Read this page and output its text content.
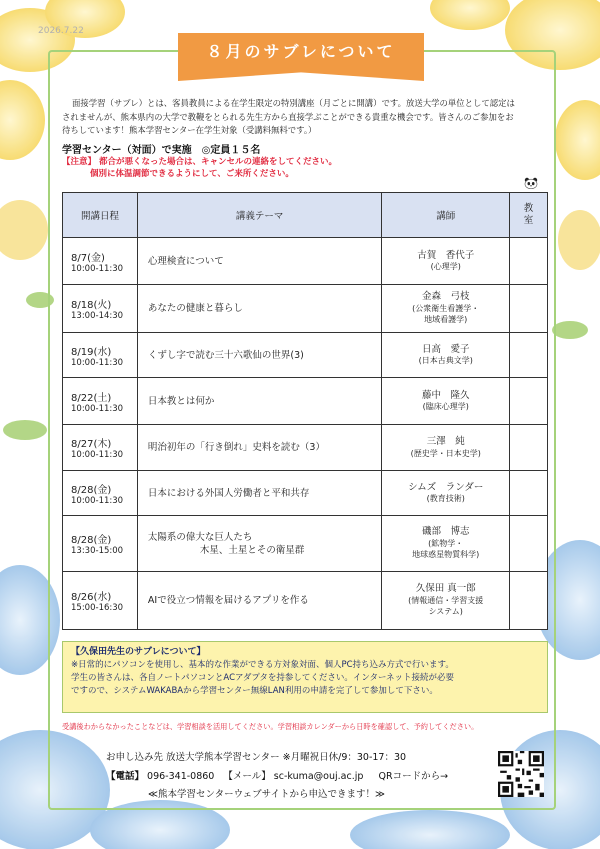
2026.7.22
８月のサブレについて
面接学習（サブレ）とは、客員教員による在学生限定の特別講座（月ごとに開講）です。放送大学の単位として認定は
されませんが、熊本県内の大学で教鞭をとられる先生方から直接学ぶことができる貴重な機会です。皆さんのご参加をお
待ちしています！熊本学習センター在学生対象（受講料無料です。）
学習センター（対面）で実施　◎定員１５名
【注意】 都合が悪くなった場合は、キャンセルの連絡をしてください。
個別に体温調節できるようにして、ご来所ください。
開講日程	講義テーマ	講師	教室

8/7(金)
10:00-11:30	心理検査について	古賀　香代子
(心理学)	

8/18(火)
13:00-14:30	あなたの健康と暮らし	金森　弓枝
(公衆衛生看護学・
地域看護学)	

8/19(水)
10:00-11:30	くずし字で読む三十六歌仙の世界(3)	日高　愛子
(日本古典文学)	

8/22(土)
10:00-11:30	日本教とは何か	藤中　隆久
(臨床心理学)	

8/27(木)
10:00-11:30	明治初年の「行き倒れ」史料を読む（3）	三澤　純
(歴史学・日本史学)	

8/28(金)
10:00-11:30	日本における外国人労働者と平和共存	シムズ　ランダー
(教育技術)	

8/28(金)
13:30-15:00	太陽系の偉大な巨人たち
木星、土星とその衛星群	磯部　博志
(鉱物学・
地球惑星物質科学)	

8/26(水)
15:00-16:30	AIで役立つ情報を届けるアプリを作る	久保田 真一郎
(情報通信・学習支援
システム)	

【久保田先生のサブレについて】
※日常的にパソコンを使用し、基本的な作業ができる方対象対面、個人PC持ち込み方式で行います。
学生の皆さんは、各自ノートパソコンとACアダプタを持参してください。インターネット接続が必要
ですので、システムWAKABAから学習センター無線LAN利用の申請を完了して参加して下さい。
受講後わからなかったことなどは、学習相談を活用してください。学習相談カレンダーから日時を確認して、予約してください。
お申し込み先 放送大学熊本学習センター ※月曜祝日休/9：30-17：30
【電話】 096-341-0860 【メール】 sc-kuma@ouj.ac.jp QRコードから→
≪熊本学習センターウェブサイトから申込できます！≫
